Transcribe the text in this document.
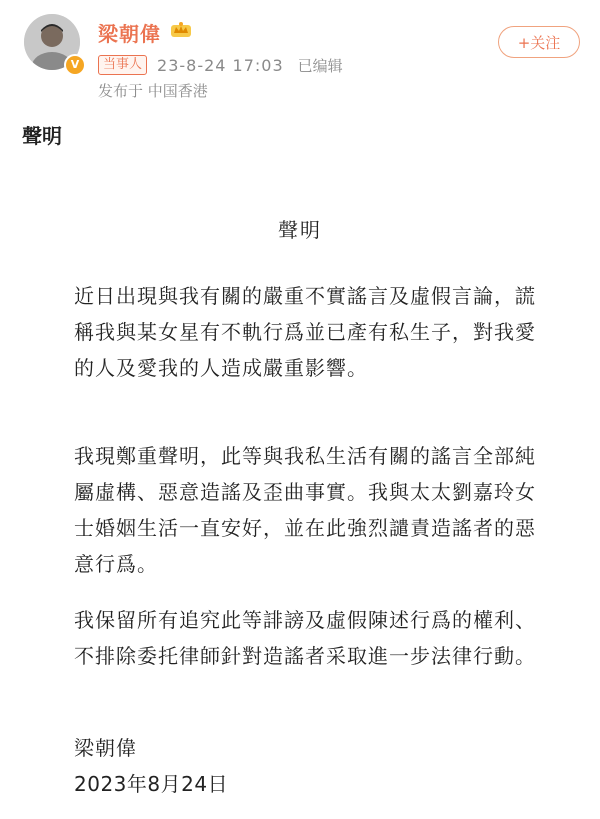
V
梁朝偉
当事人 23-8-24 17:03 已编辑
发布于 中国香港
+关注
聲明
聲明

近日出現與我有關的嚴重不實謠言及虛假言論，謊稱我與某女星有不軌行爲並已產有私生子，對我愛的人及愛我的人造成嚴重影響。

我現鄭重聲明，此等與我私生活有關的謠言全部純屬虛構、惡意造謠及歪曲事實。我與太太劉嘉玲女士婚姻生活一直安好，並在此強烈譴責造謠者的惡意行爲。

我保留所有追究此等誹謗及虛假陳述行爲的權利、不排除委托律師針對造謠者采取進一步法律行動。

梁朝偉
2023年8月24日
